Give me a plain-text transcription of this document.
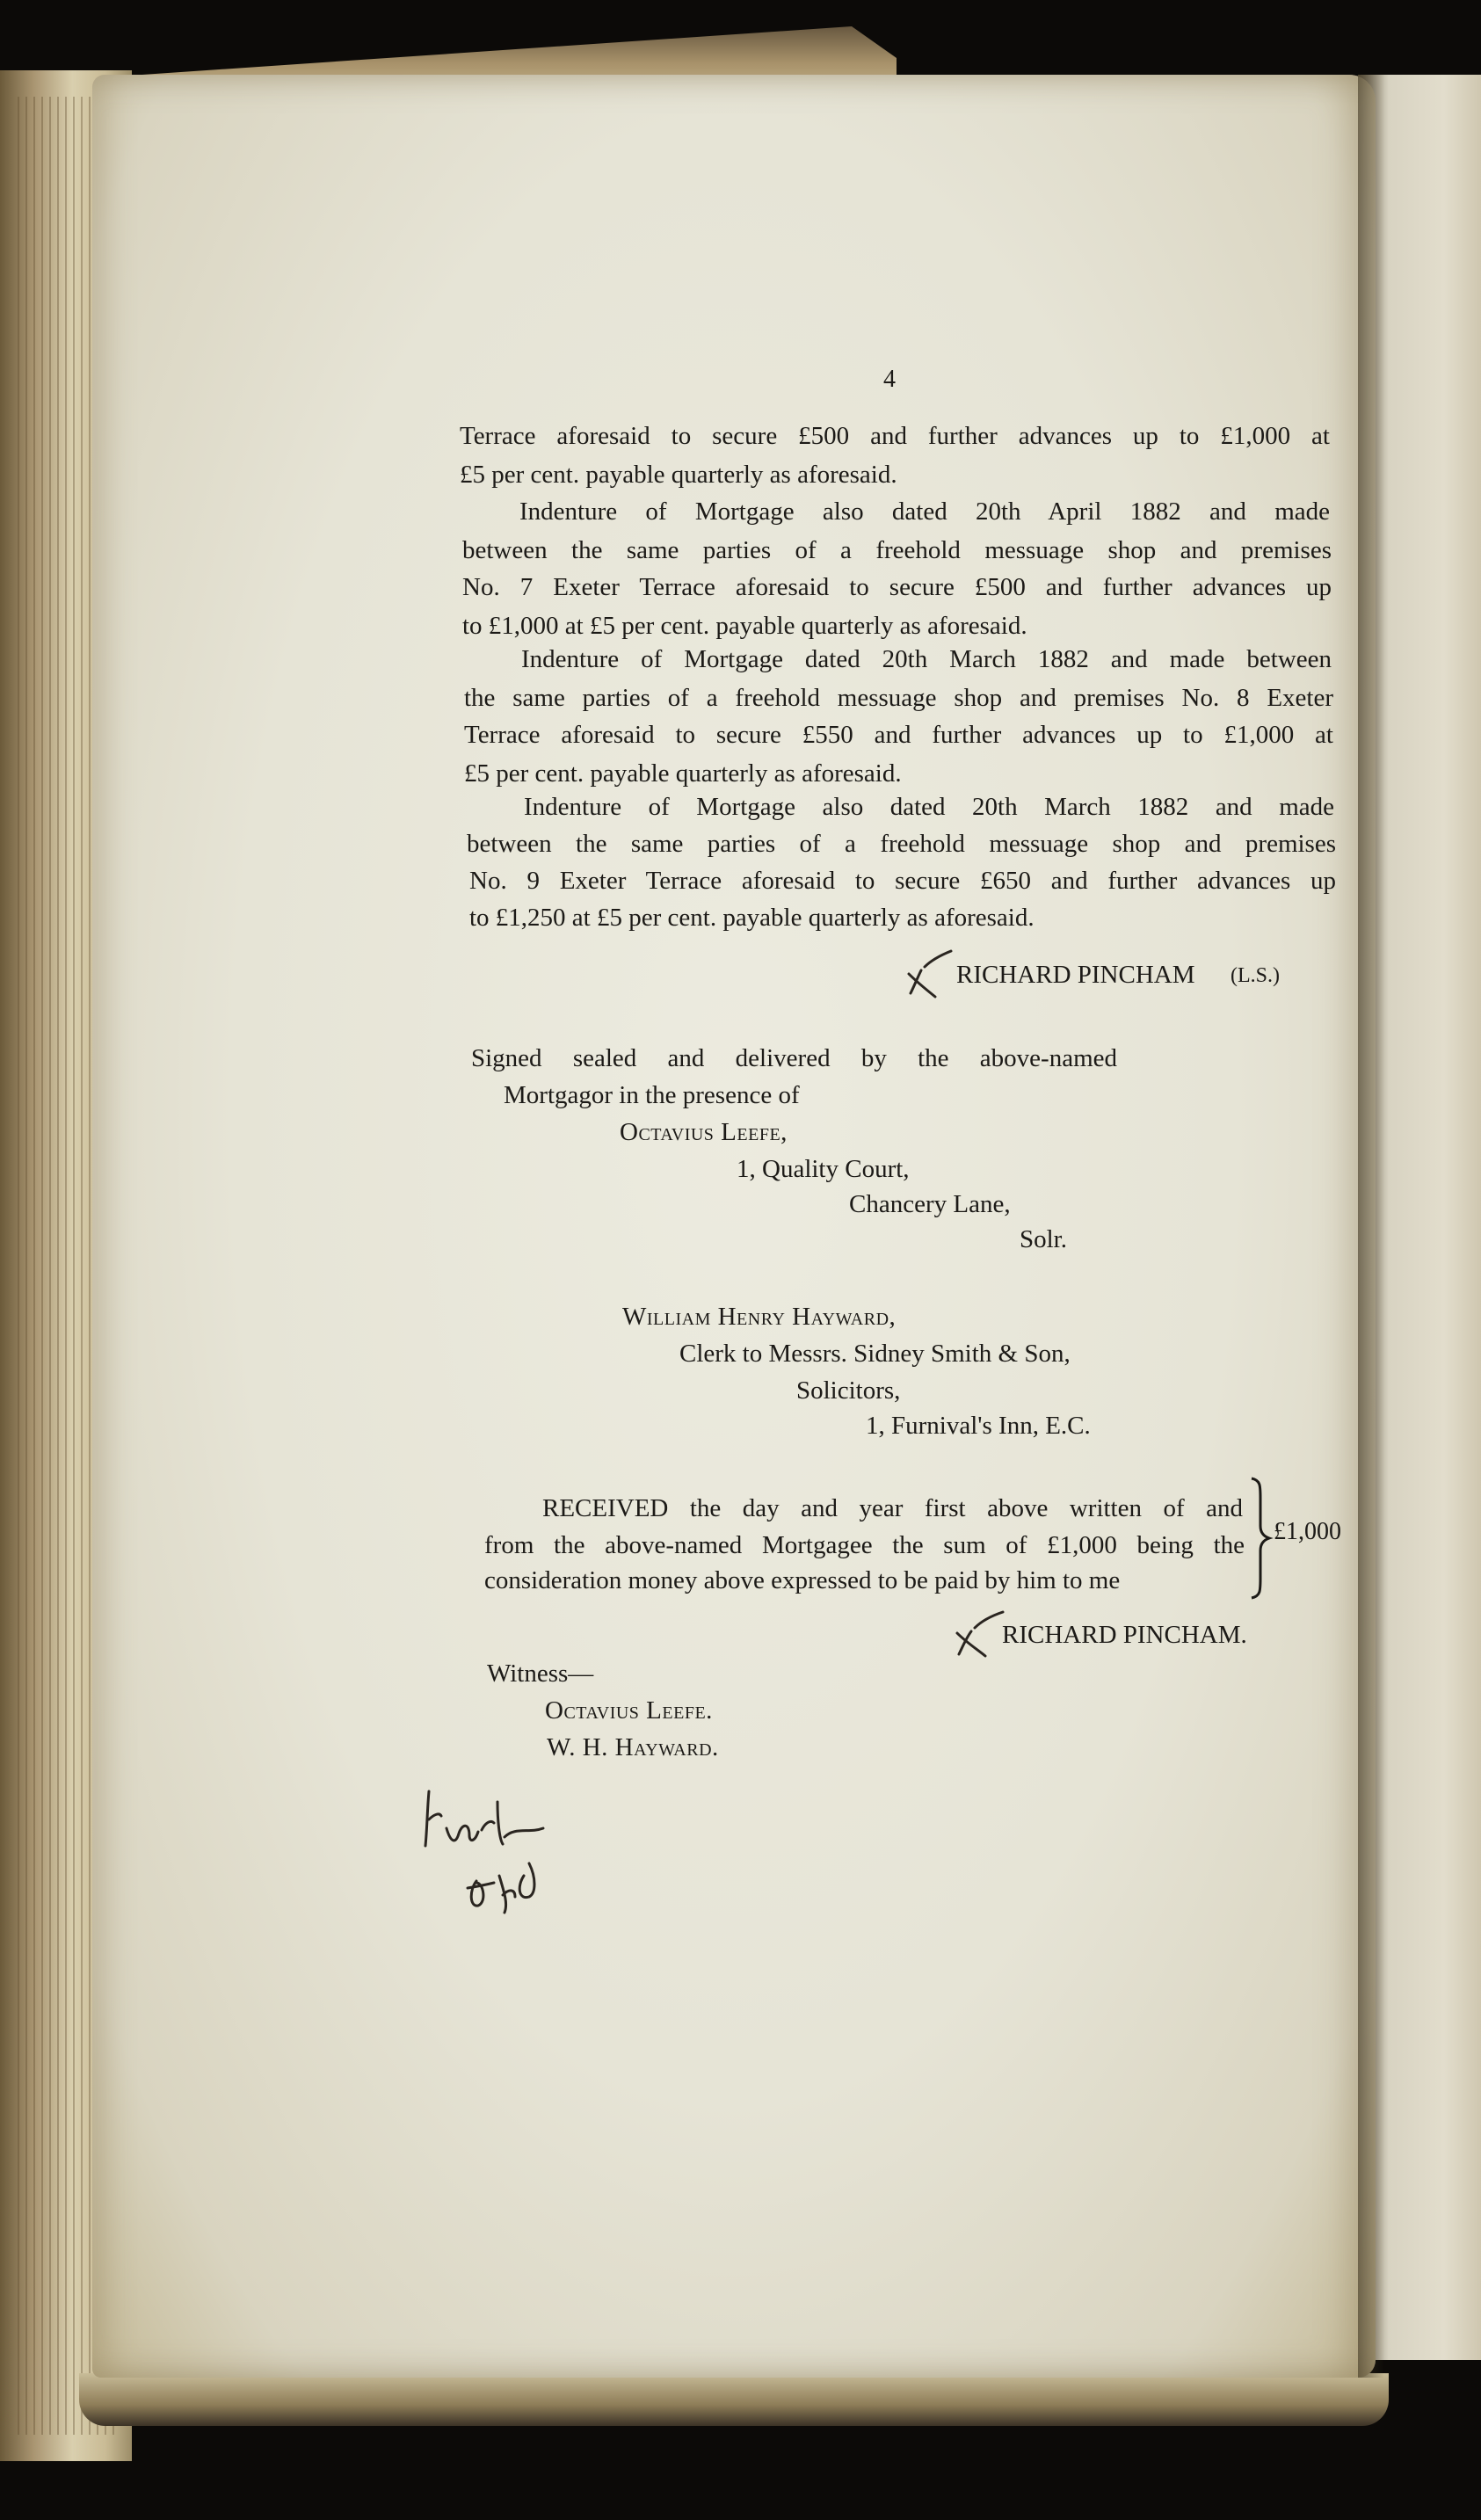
4
Terrace aforesaid to secure £500 and further advances up to £1,000 at
£5 per cent. payable quarterly as aforesaid.
Indenture of Mortgage also dated 20th April 1882 and made
between the same parties of a freehold messuage shop and premises
No. 7 Exeter Terrace aforesaid to secure £500 and further advances up
to £1,000 at £5 per cent. payable quarterly as aforesaid.
Indenture of Mortgage dated 20th March 1882 and made between
the same parties of a freehold messuage shop and premises No. 8 Exeter
Terrace aforesaid to secure £550 and further advances up to £1,000 at
£5 per cent. payable quarterly as aforesaid.
Indenture of Mortgage also dated 20th March 1882 and made
between the same parties of a freehold messuage shop and premises
No. 9 Exeter Terrace aforesaid to secure £650 and further advances up
to £1,250 at £5 per cent. payable quarterly as aforesaid.
RICHARD PINCHAM (L.S.)
Signed sealed and delivered by the above-named
Mortgagor in the presence of
Octavius Leefe,
1, Quality Court,
Chancery Lane,
Solr.
William Henry Hayward,
Clerk to Messrs. Sidney Smith & Son,
Solicitors,
1, Furnival's Inn, E.C.
RECEIVED the day and year first above written of and
from the above-named Mortgagee the sum of £1,000 being the
consideration money above expressed to be paid by him to me
£1,000
RICHARD PINCHAM.
Witness—
Octavius Leefe.
W. H. Hayward.
